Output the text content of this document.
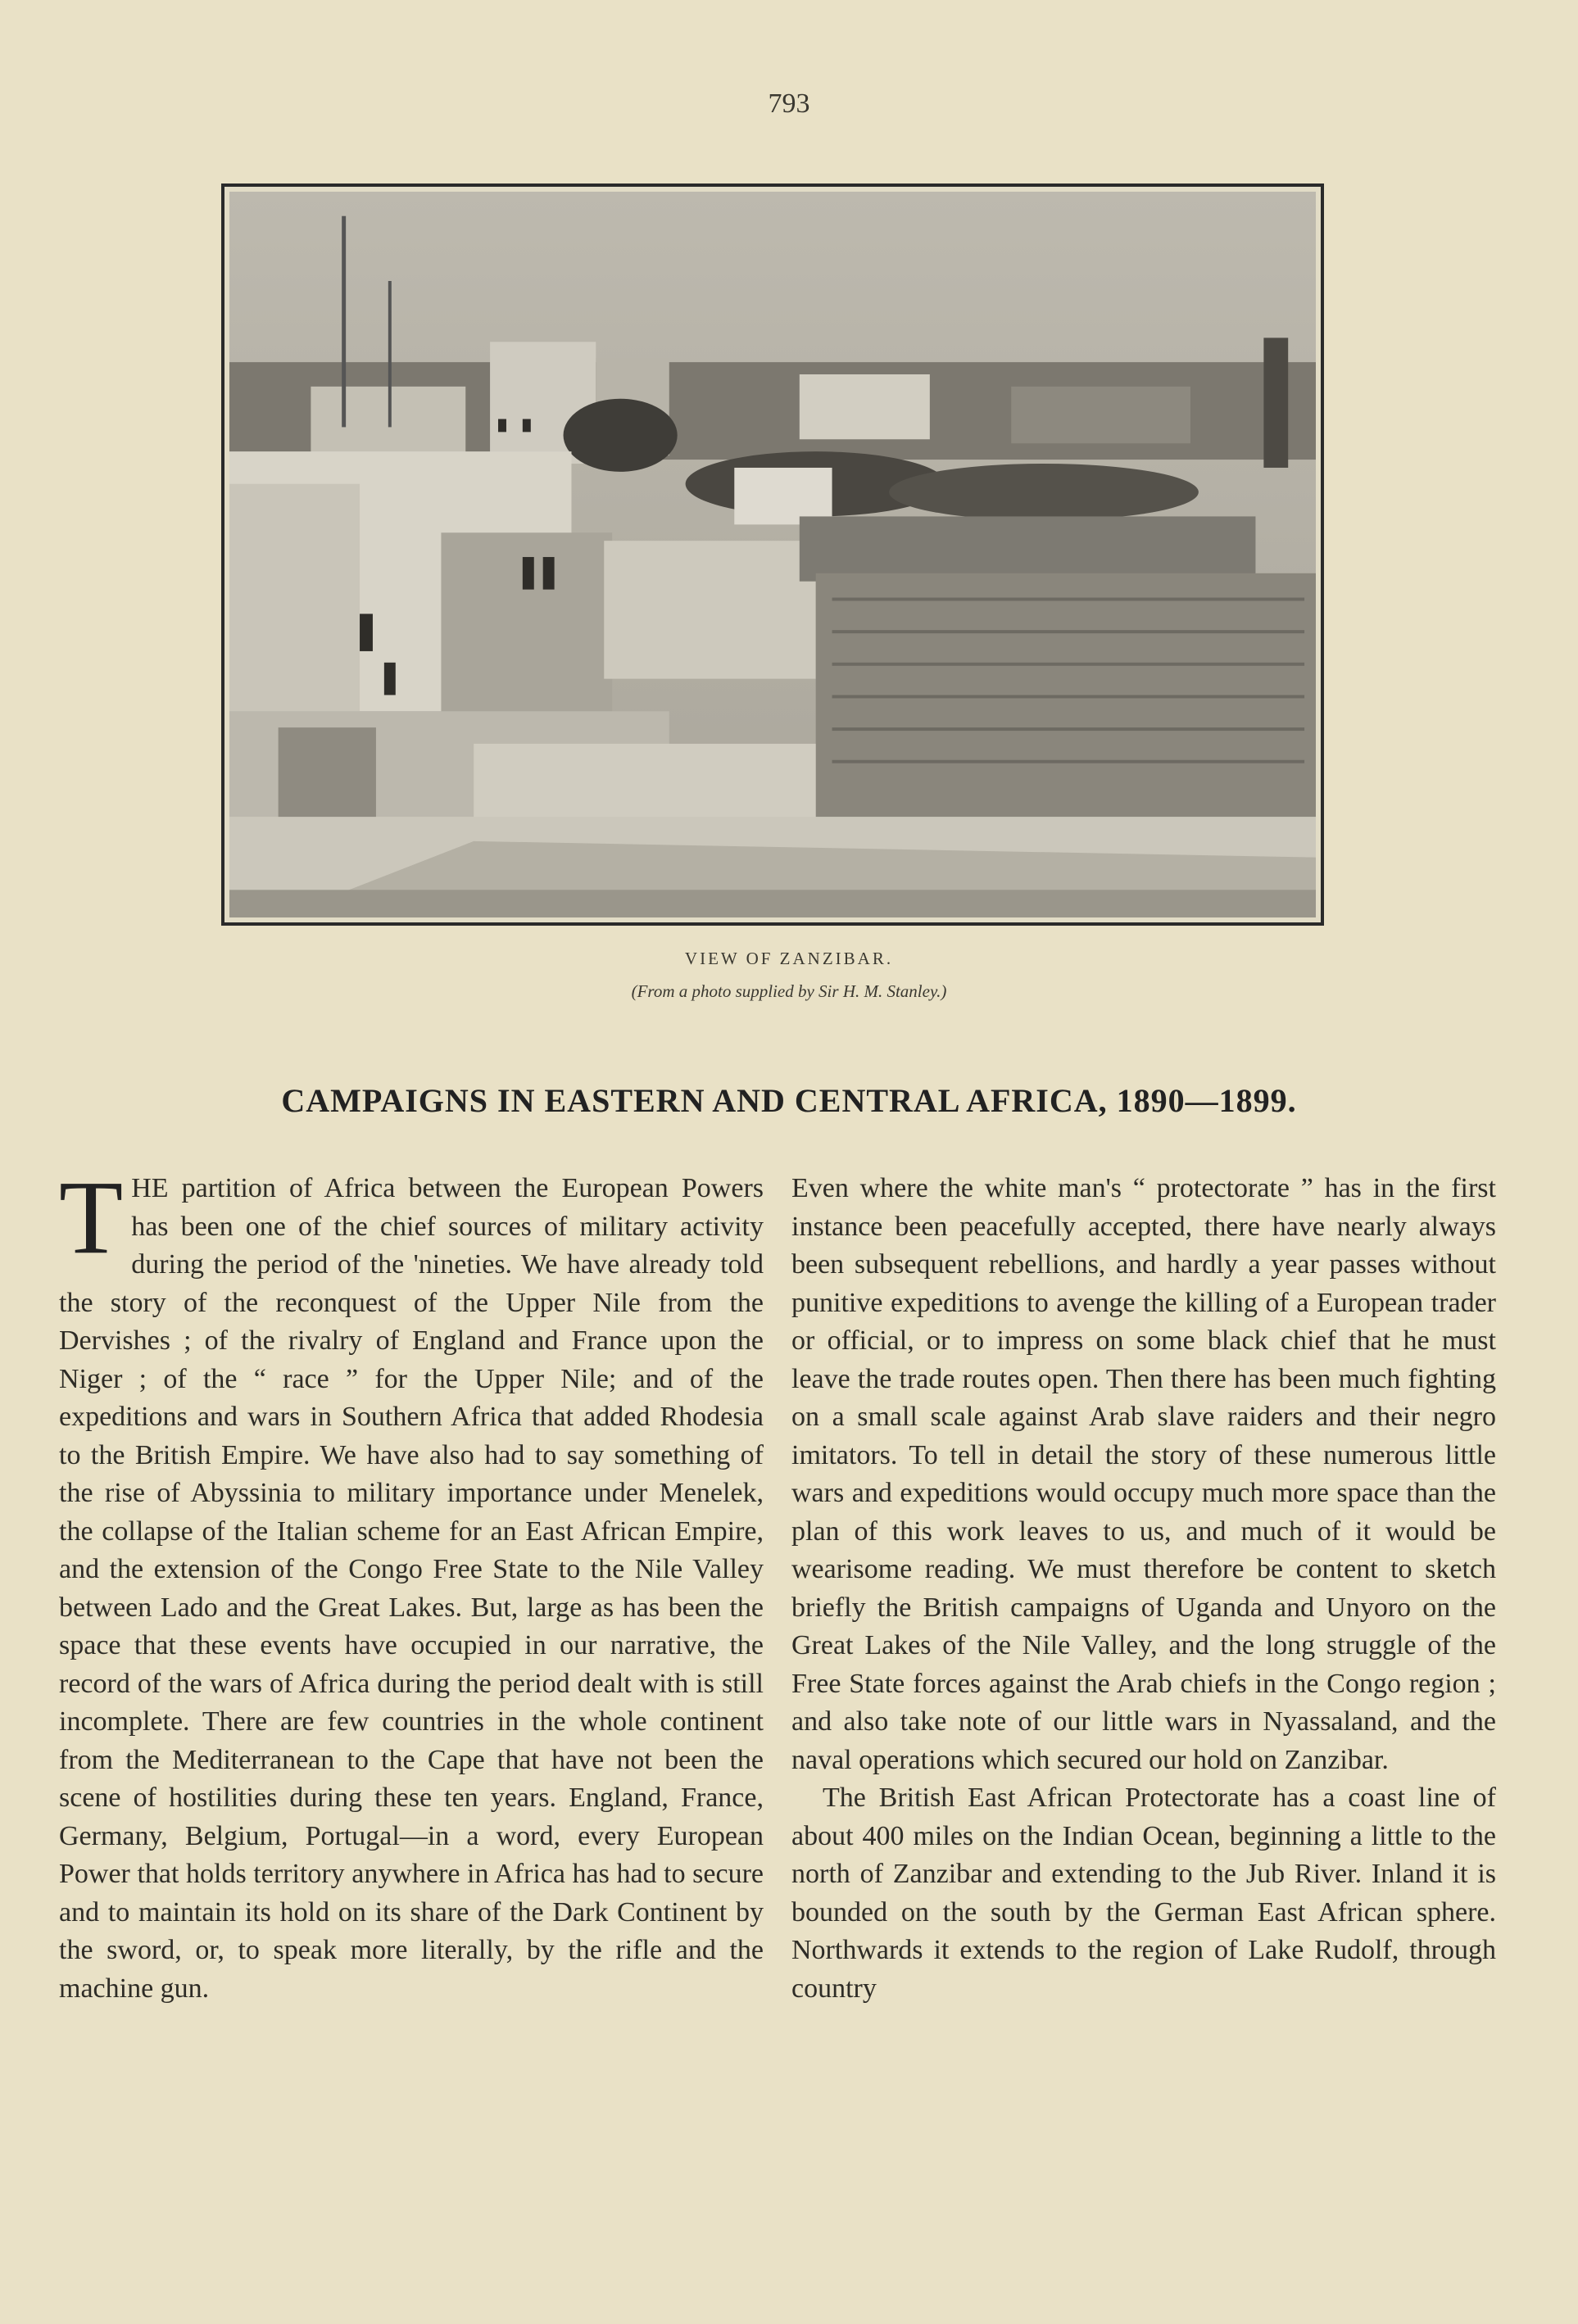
793
VIEW OF ZANZIBAR.
(From a photo supplied by Sir H. M. Stanley.)
CAMPAIGNS IN EASTERN AND CENTRAL AFRICA, 1890—1899.
T HE partition of Africa between the European Powers has been one of the chief sources of military activity during the period of the 'nineties. We have already told the story of the reconquest of the Upper Nile from the Dervishes ; of the rivalry of England and France upon the Niger ; of the “ race ” for the Upper Nile; and of the expeditions and wars in Southern Africa that added Rhodesia to the British Empire. We have also had to say something of the rise of Abyssinia to military importance under Menelek, the collapse of the Italian scheme for an East African Empire, and the extension of the Congo Free State to the Nile Valley between Lado and the Great Lakes. But, large as has been the space that these events have occupied in our narrative, the record of the wars of Africa during the period dealt with is still incomplete. There are few countries in the whole continent from the Mediterranean to the Cape that have not been the scene of hostilities during these ten years. England, France, Germany, Belgium, Portugal—in a word, every European Power that holds territory anywhere in Africa has had to secure and to maintain its hold on its share of the Dark Continent by the sword, or, to speak more literally, by the rifle and the machine gun.

Even where the white man's “ protectorate ” has in the first instance been peacefully accepted, there have nearly always been subsequent rebellions, and hardly a year passes without punitive expeditions to avenge the killing of a European trader or official, or to impress on some black chief that he must leave the trade routes open. Then there has been much fighting on a small scale against Arab slave raiders and their negro imitators. To tell in detail the story of these numerous little wars and expeditions would occupy much more space than the plan of this work leaves to us, and much of it would be wearisome reading. We must therefore be content to sketch briefly the British campaigns of Uganda and Unyoro on the Great Lakes of the Nile Valley, and the long struggle of the Free State forces against the Arab chiefs in the Congo region ; and also take note of our little wars in Nyassaland, and the naval operations which secured our hold on Zanzibar.

The British East African Protectorate has a coast line of about 400 miles on the Indian Ocean, beginning a little to the north of Zanzibar and extending to the Jub River. Inland it is bounded on the south by the German East African sphere. Northwards it extends to the region of Lake Rudolf, through country
